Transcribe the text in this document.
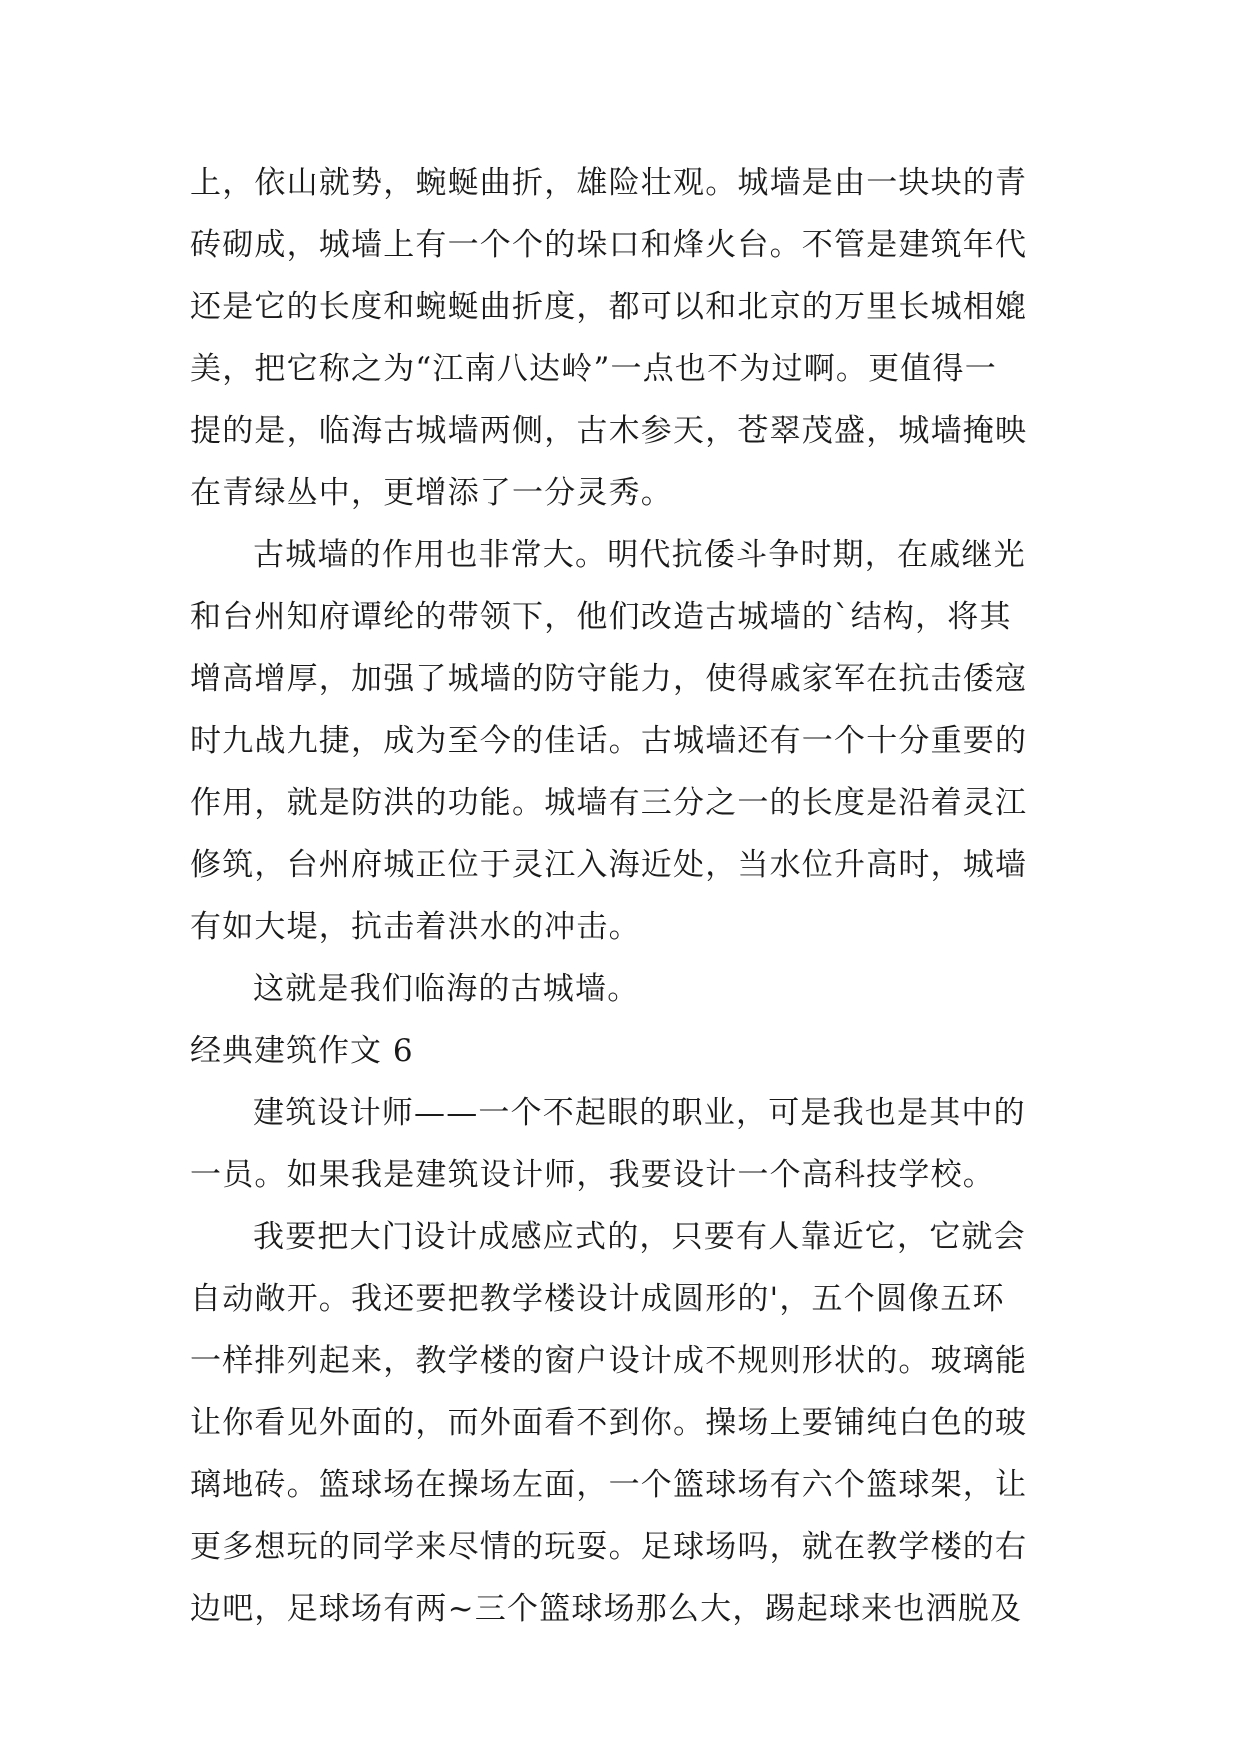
上，依山就势，蜿蜒曲折，雄险壮观。城墙是由一块块的青
砖砌成，城墙上有一个个的垛口和烽火台。不管是建筑年代
还是它的长度和蜿蜒曲折度，都可以和北京的万里长城相媲
美，把它称之为“江南八达岭”一点也不为过啊。更值得一
提的是，临海古城墙两侧，古木参天，苍翠茂盛，城墙掩映
在青绿丛中，更增添了一分灵秀。
古城墙的作用也非常大。明代抗倭斗争时期，在戚继光
和台州知府谭纶的带领下，他们改造古城墙的`结构，将其
增高增厚，加强了城墙的防守能力，使得戚家军在抗击倭寇
时九战九捷，成为至今的佳话。古城墙还有一个十分重要的
作用，就是防洪的功能。城墙有三分之一的长度是沿着灵江
修筑，台州府城正位于灵江入海近处，当水位升高时，城墙
有如大堤，抗击着洪水的冲击。
这就是我们临海的古城墙。
经典建筑作文 6
建筑设计师——一个不起眼的职业，可是我也是其中的
一员。如果我是建筑设计师，我要设计一个高科技学校。
我要把大门设计成感应式的，只要有人靠近它，它就会
自动敞开。我还要把教学楼设计成圆形的'，五个圆像五环
一样排列起来，教学楼的窗户设计成不规则形状的。玻璃能
让你看见外面的，而外面看不到你。操场上要铺纯白色的玻
璃地砖。篮球场在操场左面，一个篮球场有六个篮球架，让
更多想玩的同学来尽情的玩耍。足球场吗，就在教学楼的右
边吧，足球场有两~三个篮球场那么大，踢起球来也洒脱及
